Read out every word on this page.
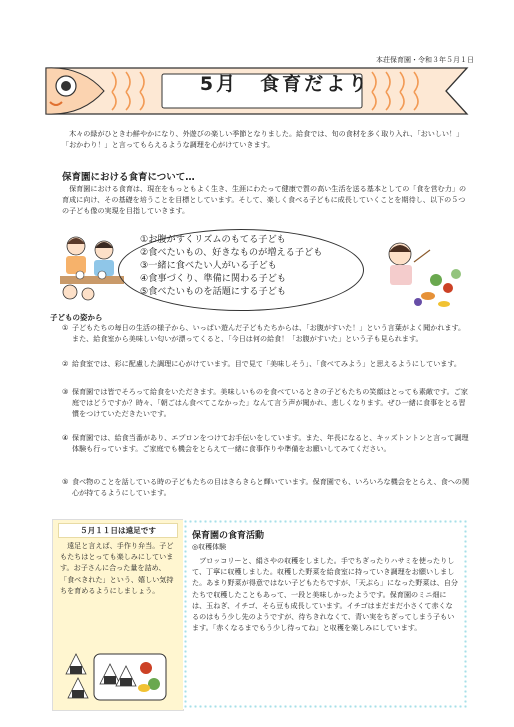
本荘保育園・令和３年５月１日
5月　食育だより
　木々の緑がひときわ鮮やかになり、外遊びの楽しい季節となりました。給食では、旬の食材を多く取り入れ、「おいしい！」「おかわり！」と言ってもらえるような調理を心がけていきます。
保育園における食育について…
　保育園における食育は、現在をもっともよく生き、生涯にわたって健康で質の高い生活を送る基本としての「食を営む力」の育成に向け、その基礎を培うことを目標としています。そして、楽しく食べる子どもに成長していくことを期待し、以下の５つの子ども像の実現を目指していきます。
①お腹がすくリズムのもてる子ども
②食べたいもの、好きなものが増える子ども
③一緒に食べたい人がいる子ども
④食事づくり、準備に関わる子ども
⑤食べたいものを話題にする子ども
子どもの姿から
① 子どもたちの毎日の生活の様子から、いっぱい遊んだ子どもたちからは、「お腹がすいた！」という言葉がよく聞かれます。また、給食室から美味しい匂いが漂ってくると、「今日は何の給食！「お腹がすいた」という子も見られます。
② 給食室では、彩に配慮した調理に心がけています。目で見て「美味しそう」、「食べてみよう」と思えるようにしています。
③ 保育園では皆でそろって給食をいただきます。美味しいものを食べているときの子どもたちの笑顔はとっても素敵です。ご家庭ではどうですか？時々、「朝ごはん食べてこなかった」なんて言う声が聞かれ、悲しくなります。ぜひ一緒に食事をとる習慣をつけていただきたいです。
④ 保育園では、給食当番があり、エプロンをつけてお手伝いをしています。また、年長になると、キッズトントンと言って調理体験も行っています。ご家庭でも機会をとらえて一緒に食事作りや準備をお願いしてみてください。
⑤ 食べ物のことを話している時の子どもたちの目はきらきらと輝いています。保育園でも、いろいろな機会をとらえ、食への関心が持てるようにしています。
５月１１日は遠足です
　遠足と言えば、手作り弁当。子どもたちはとっても楽しみにしています。お子さんに合った量を詰め、「食べきれた」という、嬉しい気持ちを育めるようにしましょう。
保育園の食育活動
◎収穫体験
　ブロッコリーと、絹さやの収穫をしました。手でちぎったりハサミを使ったりして、丁寧に収穫しました。収穫した野菜を給食室に持っていき調理をお願いしました。あまり野菜が得意ではない子どもたちですが、「天ぷら」になった野菜は、自分たちで収穫したこともあって、一段と美味しかったようです。保育園のミニ畑には、玉ねぎ、イチゴ、そら豆も成長しています。イチゴはまだまだ小さくて赤くなるのはもう少し先のようですが、待ちきれなくて、青い実をちぎってしまう子もいます。「赤くなるまでもう少し待ってね」と収穫を楽しみにしています。
